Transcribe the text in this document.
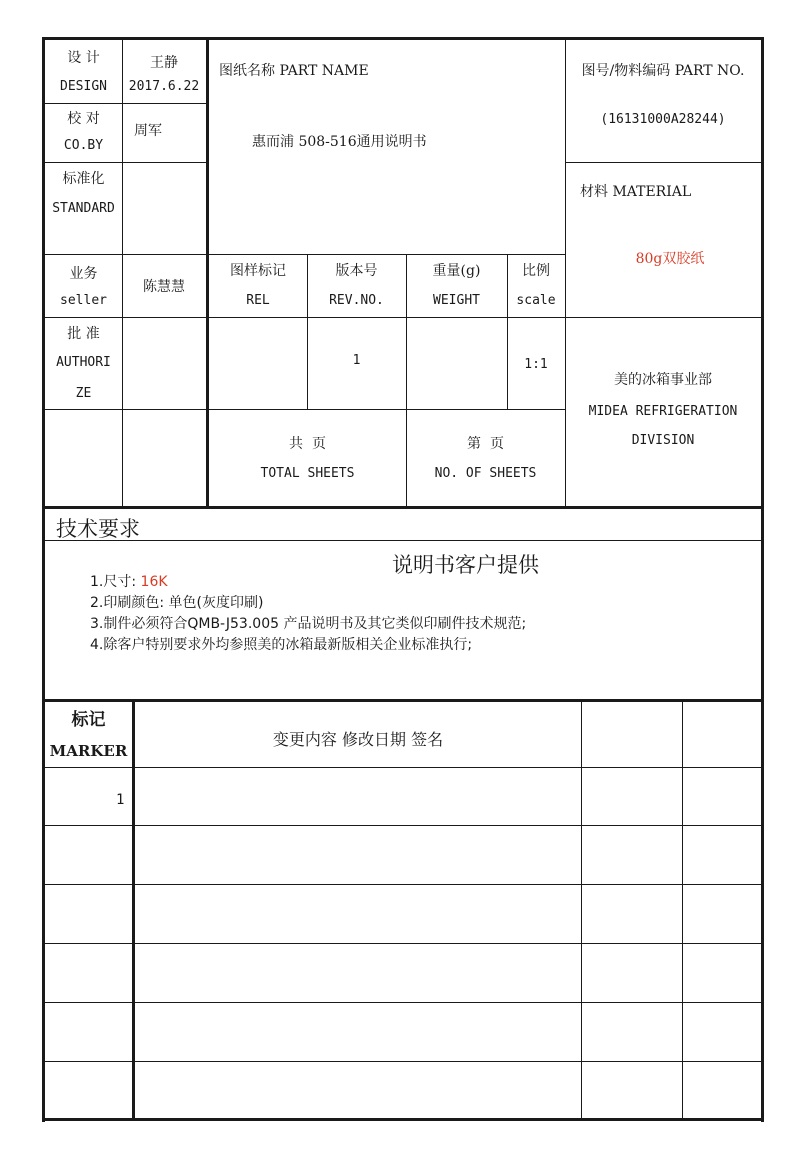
设 计
DESIGN
王静
2017.6.22
校 对
CO.BY
周军
标准化
STANDARD
图纸名称 PART NAME
惠而浦 508-516通用说明书
图号/物料编码 PART NO.
(16131000A28244)
材料 MATERIAL
80g双胶纸
业务
seller
陈慧慧
图样标记
REL
版本号
REV.NO.
重量(g)
WEIGHT
比例
scale
批 准
AUTHORI
ZE
1	1:1
美的冰箱事业部
MIDEA REFRIGERATION
DIVISION
共  页
TOTAL SHEETS
第  页
NO. OF SHEETS
技术要求
说明书客户提供
1.尺寸: 16K
2.印刷颜色: 单色(灰度印刷)
3.制件必须符合QMB-J53.005 产品说明书及其它类似印刷件技术规范;
4.除客户特别要求外均参照美的冰箱最新版相关企业标准执行;
标记
MARKER
变更内容 修改日期 签名
1
